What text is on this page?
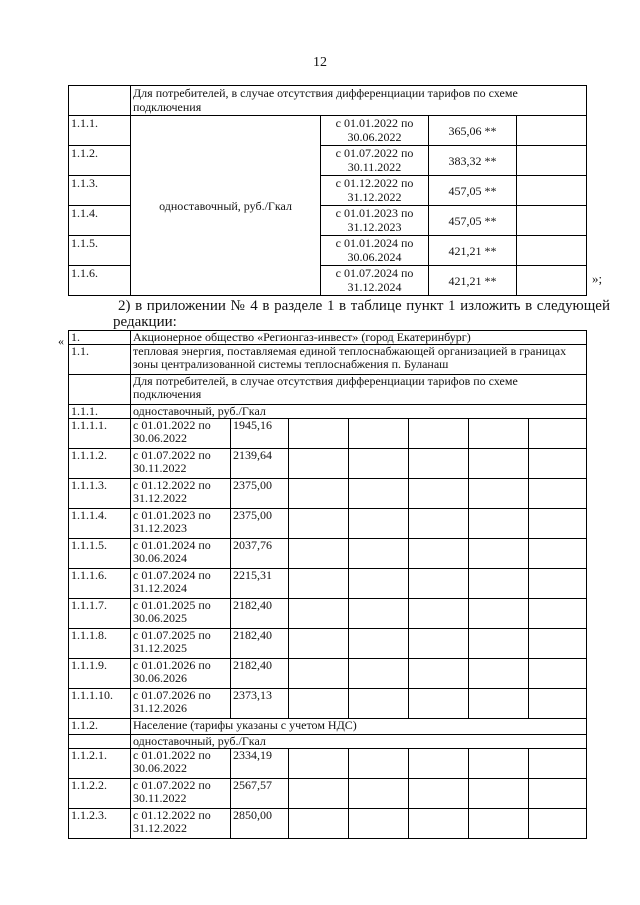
12
	Для потребителей, в случае отсутствия дифференциации тарифов по схеме подключения			
1.1.1.	одноставочный, руб./Гкал	с 01.01.2022 по 30.06.2022	365,06 **	
1.1.2.		с 01.07.2022 по 30.11.2022	383,32 **	
1.1.3.		с 01.12.2022 по 31.12.2022	457,05 **	
1.1.4.		с 01.01.2023 по 31.12.2023	457,05 **	
1.1.5.		с 01.01.2024 по 30.06.2024	421,21 **	
1.1.6.		с 01.07.2024 по 31.12.2024	421,21 **		»;
2) в приложении № 4 в разделе 1 в таблице пункт 1 изложить в следующей
редакции:
« 1.	Акционерное общество «Регионгаз-инвест» (город Екатеринбург)						
1.1.	тепловая энергия, поставляемая единой теплоснабжающей организацией в границах зоны централизованной системы теплоснабжения п. Буланаш						
	Для потребителей, в случае отсутствия дифференциации тарифов по схеме подключения						
1.1.1.	одноставочный, руб./Гкал						
1.1.1.1.	с 01.01.2022 по 30.06.2022	1945,16					
1.1.1.2.	с 01.07.2022 по 30.11.2022	2139,64					
1.1.1.3.	с 01.12.2022 по 31.12.2022	2375,00					
1.1.1.4.	с 01.01.2023 по 31.12.2023	2375,00					
1.1.1.5.	с 01.01.2024 по 30.06.2024	2037,76					
1.1.1.6.	с 01.07.2024 по 31.12.2024	2215,31					
1.1.1.7.	с 01.01.2025 по 30.06.2025	2182,40					
1.1.1.8.	с 01.07.2025 по 31.12.2025	2182,40					
1.1.1.9.	с 01.01.2026 по 30.06.2026	2182,40					
1.1.1.10.	с 01.07.2026 по 31.12.2026	2373,13					
1.1.2.	Население (тарифы указаны с учетом НДС)						
	одноставочный, руб./Гкал						
1.1.2.1.	с 01.01.2022 по 30.06.2022	2334,19					
1.1.2.2.	с 01.07.2022 по 30.11.2022	2567,57					
1.1.2.3.	с 01.12.2022 по 31.12.2022	2850,00					
